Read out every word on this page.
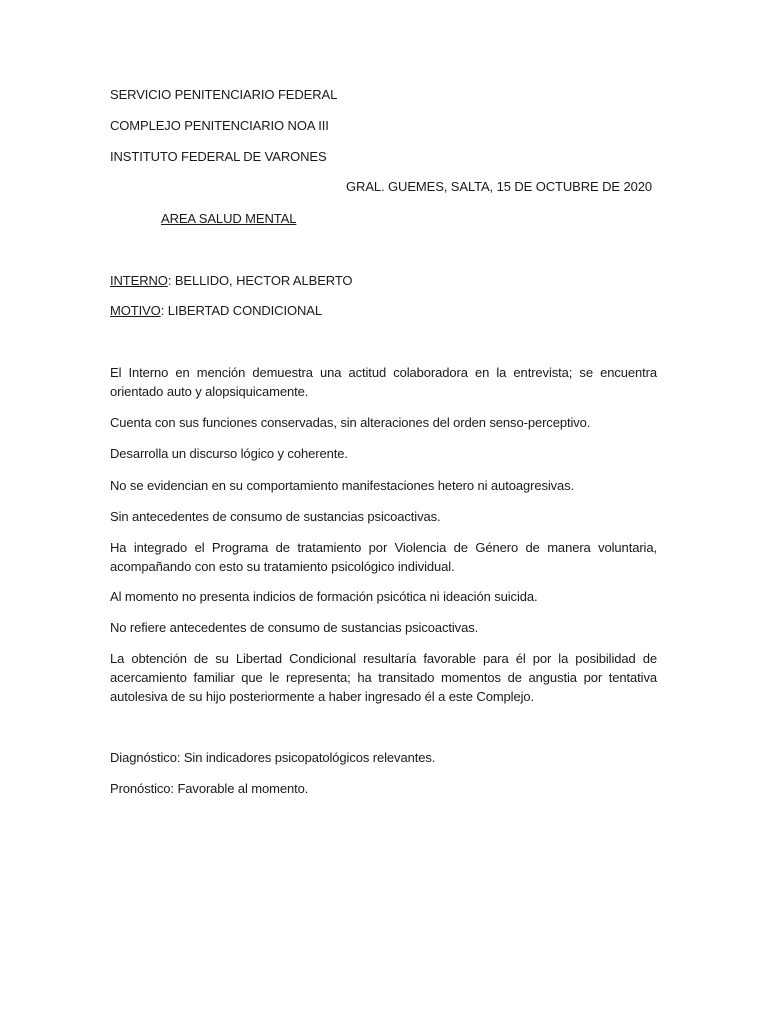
SERVICIO PENITENCIARIO FEDERAL
COMPLEJO PENITENCIARIO NOA III
INSTITUTO FEDERAL DE VARONES
GRAL. GUEMES, SALTA, 15 DE OCTUBRE DE 2020
AREA SALUD MENTAL
INTERNO: BELLIDO, HECTOR ALBERTO
MOTIVO: LIBERTAD CONDICIONAL
El Interno en mención demuestra una actitud colaboradora en la entrevista; se encuentra orientado auto y alopsiquicamente.
Cuenta con sus funciones conservadas, sin alteraciones del orden senso-perceptivo.
Desarrolla un discurso lógico y coherente.
No se evidencian en su comportamiento manifestaciones hetero ni autoagresivas.
Sin antecedentes de consumo de sustancias psicoactivas.
Ha integrado el Programa de tratamiento por Violencia de Género de manera voluntaria, acompañando con esto su tratamiento psicológico individual.
Al momento no presenta indicios de formación psicótica ni ideación suicida.
No refiere antecedentes de consumo de sustancias psicoactivas.
La obtención de su Libertad Condicional resultaría favorable para él por la posibilidad de acercamiento familiar que le representa; ha transitado momentos de angustia por tentativa autolesiva de su hijo posteriormente a haber ingresado él a este Complejo.
Diagnóstico: Sin indicadores psicopatológicos relevantes.
Pronóstico: Favorable al momento.
